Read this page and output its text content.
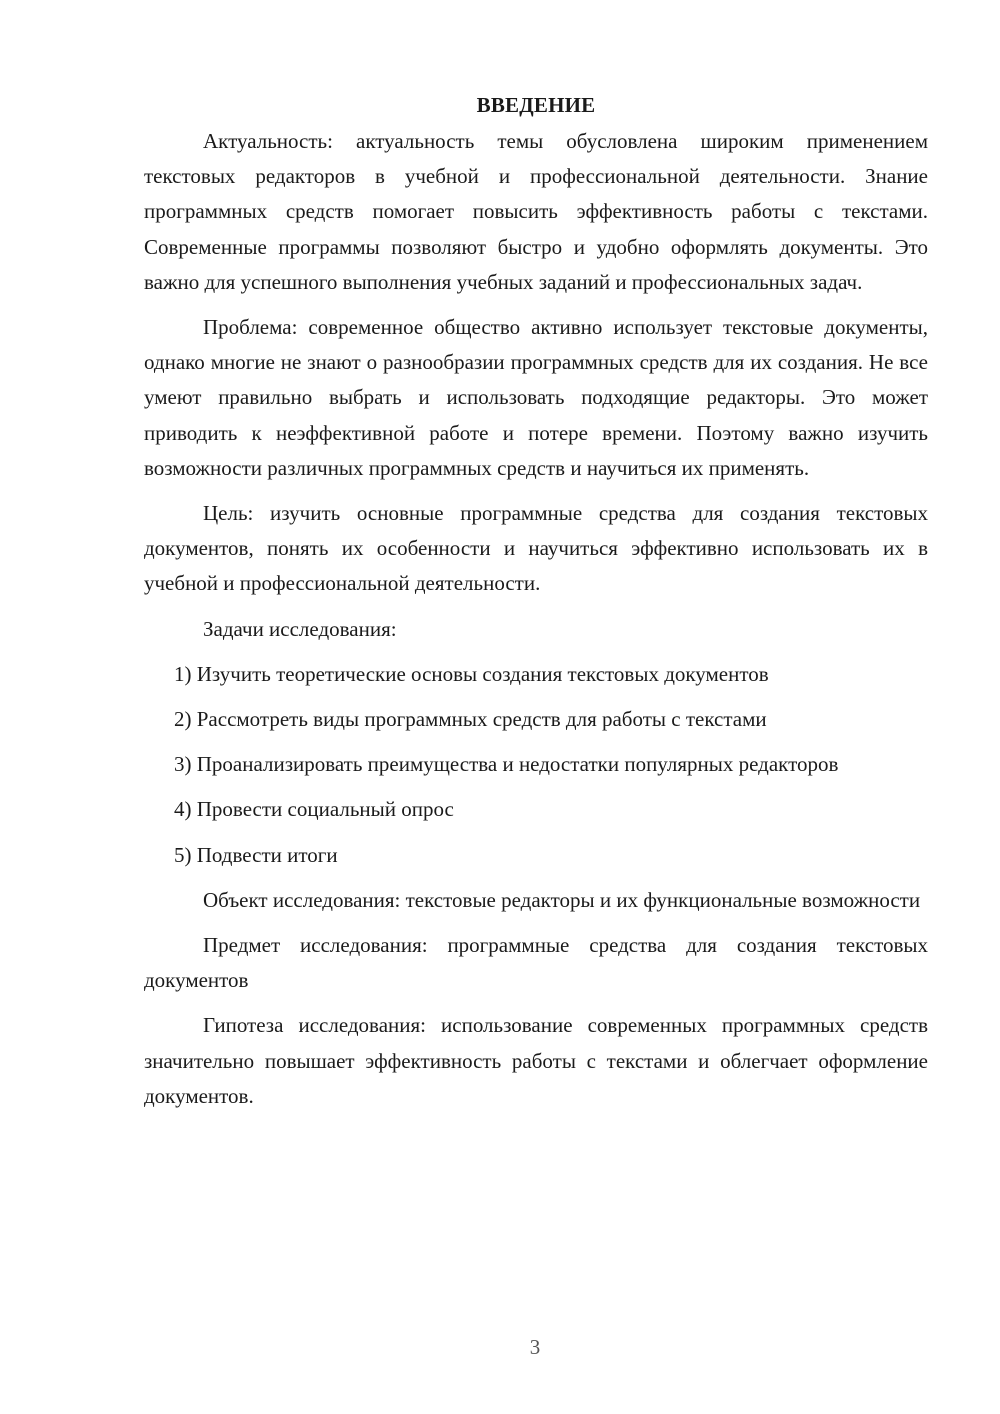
ВВЕДЕНИЕ

Актуальность: актуальность темы обусловлена широким применением текстовых редакторов в учебной и профессиональной деятельности. Знание программных средств помогает повысить эффективность работы с текстами. Современные программы позволяют быстро и удобно оформлять документы. Это важно для успешного выполнения учебных заданий и профессиональных задач.

Проблема: современное общество активно использует текстовые документы, однако многие не знают о разнообразии программных средств для их создания. Не все умеют правильно выбрать и использовать подходящие редакторы. Это может приводить к неэффективной работе и потере времени. Поэтому важно изучить возможности различных программных средств и научиться их применять.

Цель: изучить основные программные средства для создания текстовых документов, понять их особенности и научиться эффективно использовать их в учебной и профессиональной деятельности.

Задачи исследования:

1) Изучить теоретические основы создания текстовых документов

2) Рассмотреть виды программных средств для работы с текстами

3) Проанализировать преимущества и недостатки популярных редакторов

4) Провести социальный опрос

5) Подвести итоги

Объект исследования: текстовые редакторы и их функциональные возможности

Предмет исследования: программные средства для создания текстовых документов

Гипотеза исследования: использование современных программных средств значительно повышает эффективность работы с текстами и облегчает оформление документов.

3
